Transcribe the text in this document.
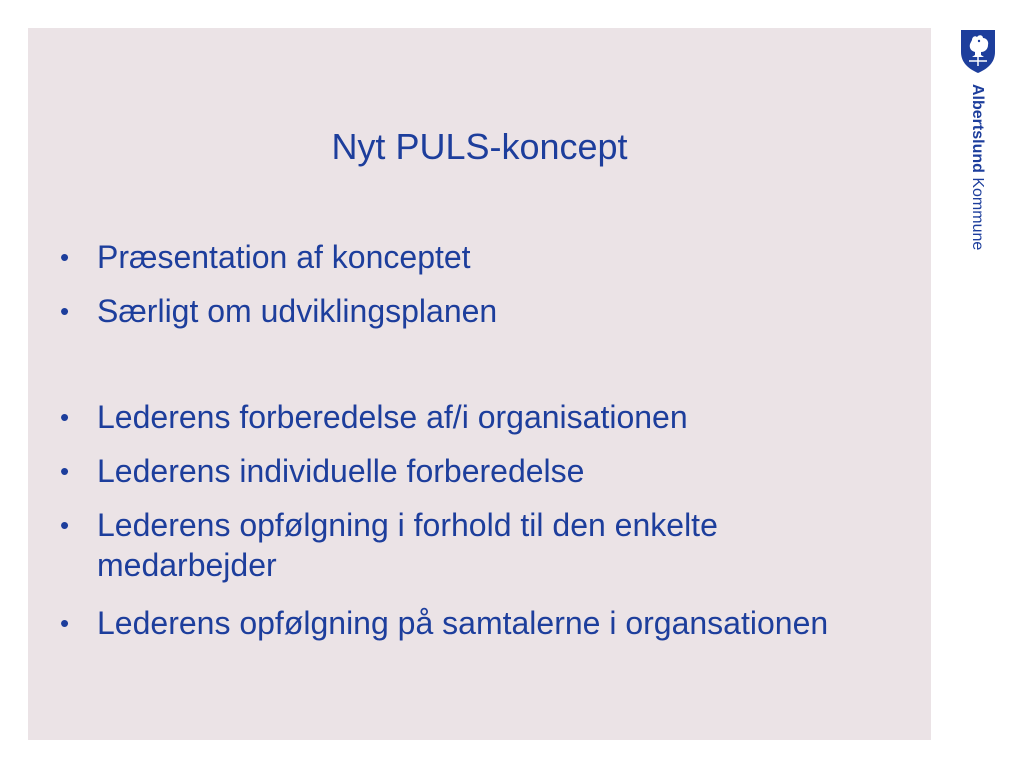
Nyt PULS-koncept
• Præsentation af konceptet
• Særligt om udviklingsplanen
• Lederens forberedelse af/i organisationen
• Lederens individuelle forberedelse
• Lederens opfølgning i forhold til den enkelte medarbejder
• Lederens opfølgning på samtalerne i organsationen
Albertslund Kommune
